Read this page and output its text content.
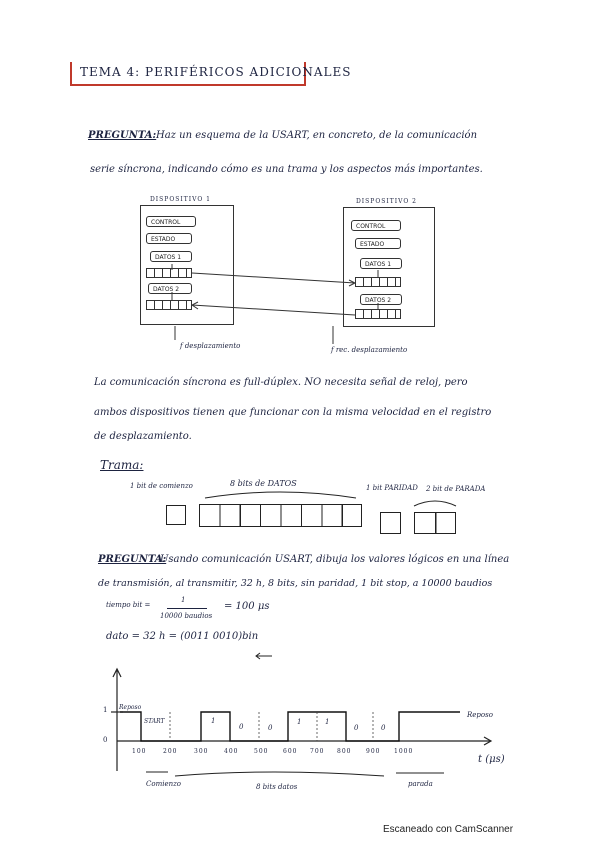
TEMA 4: PERIFÉRICOS ADICIONALES
PREGUNTA: Haz un esquema de la USART, en concreto, de la comunicación
serie síncrona, indicando cómo es una trama y los aspectos más importantes.
DISPOSITIVO 1
CONTROL
ESTADO
DATOS 1
DATOS 2
DISPOSITIVO 2
CONTROL
ESTADO
DATOS 1
DATOS 2
f desplazamiento	f rec. desplazamiento
La comunicación síncrona es full-dúplex. NO necesita señal de reloj, pero
ambos dispositivos tienen que funcionar con la misma velocidad en el registro
de desplazamiento.
Trama:
1 bit de comienzo	8 bits de DATOS	1 bit PARIDAD 2 bit de PARADA
PREGUNTA:
Usando comunicación USART, dibuja los valores lógicos en una línea
de transmisión, al transmitir, 32 h, 8 bits, sin paridad, 1 bit stop, a 10000 baudios
tiempo bit =
1
10000 baudios
= 100 μs
dato = 32 h = (0011 0010)bin
1
0
Reposo
START
Reposo
1
0	0
1	1
0	0
100	200	300	400	500 600 700 800 900 1000
t (μs)
Comienzo	8 bits datos	parada
Escaneado con CamScanner
